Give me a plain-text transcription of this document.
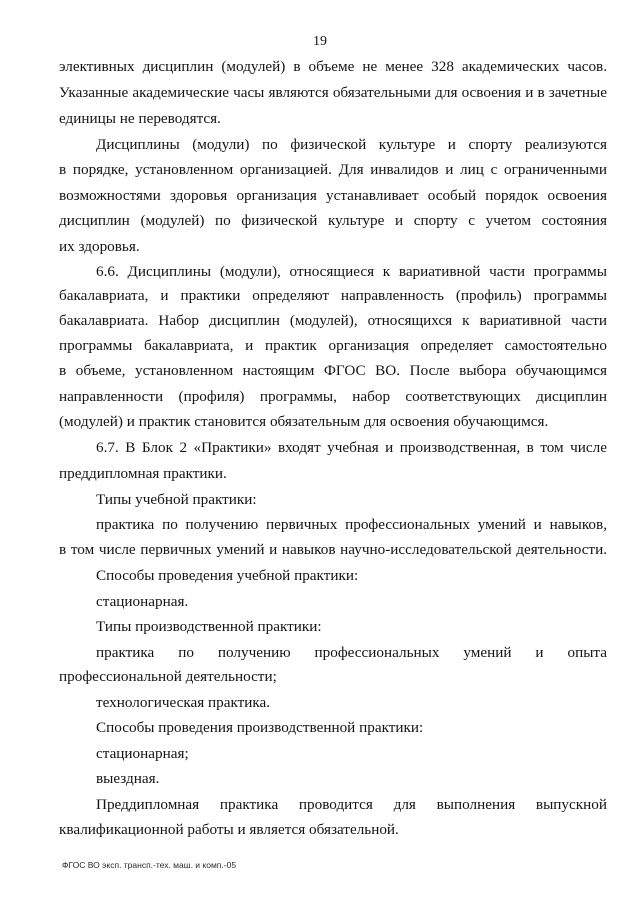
19
элективных дисциплин (модулей) в объеме не менее 328 академических часов.
Указанные академические часы являются обязательными для освоения и в зачетные
единицы не переводятся.
Дисциплины (модули) по физической культуре и спорту реализуются
в порядке, установленном организацией. Для инвалидов и лиц с ограниченными
возможностями здоровья организация устанавливает особый порядок освоения
дисциплин (модулей) по физической культуре и спорту с учетом состояния
их здоровья.
6.6. Дисциплины (модули), относящиеся к вариативной части программы
бакалавриата, и практики определяют направленность (профиль) программы
бакалавриата. Набор дисциплин (модулей), относящихся к вариативной части
программы бакалавриата, и практик организация определяет самостоятельно
в объеме, установленном настоящим ФГОС ВО. После выбора обучающимся
направленности (профиля) программы, набор соответствующих дисциплин
(модулей) и практик становится обязательным для освоения обучающимся.
6.7. В Блок 2 «Практики» входят учебная и производственная, в том числе
преддипломная практики.
Типы учебной практики:
практика по получению первичных профессиональных умений и навыков,
в том числе первичных умений и навыков научно-исследовательской деятельности.
Способы проведения учебной практики:
стационарная.
Типы производственной практики:
практика по получению профессиональных умений и опыта
профессиональной деятельности;
технологическая практика.
Способы проведения производственной практики:
стационарная;
выездная.
Преддипломная практика проводится для выполнения выпускной
квалификационной работы и является обязательной.
ФГОС ВО эксп. трансп.-тех. маш. и комп.-05
